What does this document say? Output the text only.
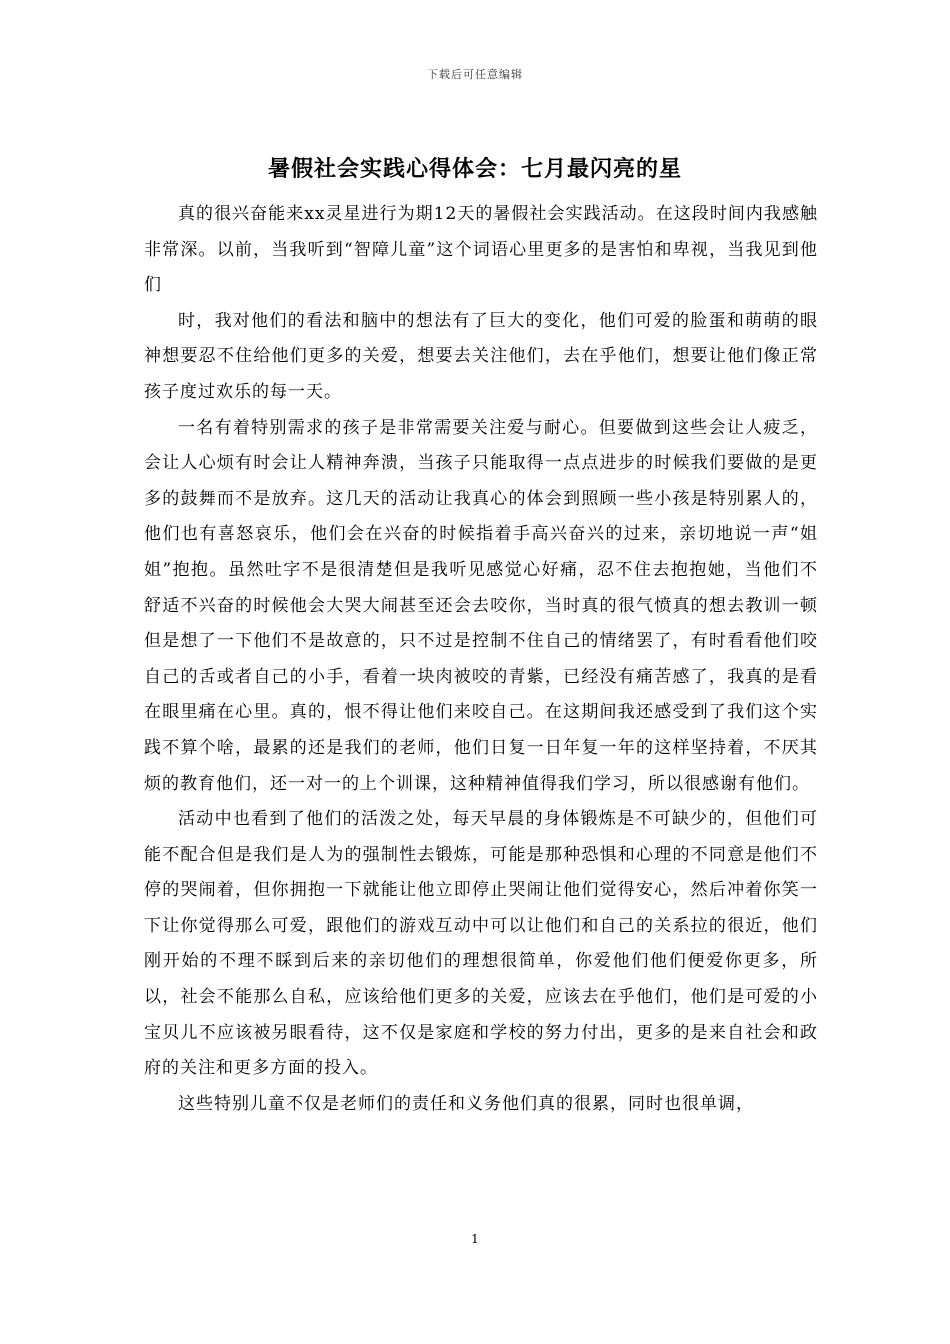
下载后可任意编辑
暑假社会实践心得体会：七月最闪亮的星

真的很兴奋能来xx灵星进行为期12天的暑假社会实践活动。在这段时间内我感触非常深。以前，当我听到“智障儿童”这个词语心里更多的是害怕和卑视，当我见到他们

时，我对他们的看法和脑中的想法有了巨大的变化，他们可爱的脸蛋和萌萌的眼神想要忍不住给他们更多的关爱，想要去关注他们，去在乎他们，想要让他们像正常孩子度过欢乐的每一天。

一名有着特别需求的孩子是非常需要关注爱与耐心。但要做到这些会让人疲乏，会让人心烦有时会让人精神奔溃，当孩子只能取得一点点进步的时候我们要做的是更多的鼓舞而不是放弃。这几天的活动让我真心的体会到照顾一些小孩是特别累人的，他们也有喜怒哀乐，他们会在兴奋的时候指着手高兴奋兴的过来，亲切地说一声“姐姐”抱抱。虽然吐字不是很清楚但是我听见感觉心好痛，忍不住去抱抱她，当他们不舒适不兴奋的时候他会大哭大闹甚至还会去咬你，当时真的很气愤真的想去教训一顿但是想了一下他们不是故意的，只不过是控制不住自己的情绪罢了，有时看看他们咬自己的舌或者自己的小手，看着一块肉被咬的青紫，已经没有痛苦感了，我真的是看在眼里痛在心里。真的，恨不得让他们来咬自己。在这期间我还感受到了我们这个实践不算个啥，最累的还是我们的老师，他们日复一日年复一年的这样坚持着，不厌其烦的教育他们，还一对一的上个训课，这种精神值得我们学习，所以很感谢有他们。

活动中也看到了他们的活泼之处，每天早晨的身体锻炼是不可缺少的，但他们可能不配合但是我们是人为的强制性去锻炼，可能是那种恐惧和心理的不同意是他们不停的哭闹着，但你拥抱一下就能让他立即停止哭闹让他们觉得安心，然后冲着你笑一下让你觉得那么可爱，跟他们的游戏互动中可以让他们和自己的关系拉的很近，他们刚开始的不理不睬到后来的亲切他们的理想很简单，你爱他们他们便爱你更多，所以，社会不能那么自私，应该给他们更多的关爱，应该去在乎他们，他们是可爱的小宝贝儿不应该被另眼看待，这不仅是家庭和学校的努力付出，更多的是来自社会和政府的关注和更多方面的投入。

这些特别儿童不仅是老师们的责任和义务他们真的很累，同时也很单调，

1
